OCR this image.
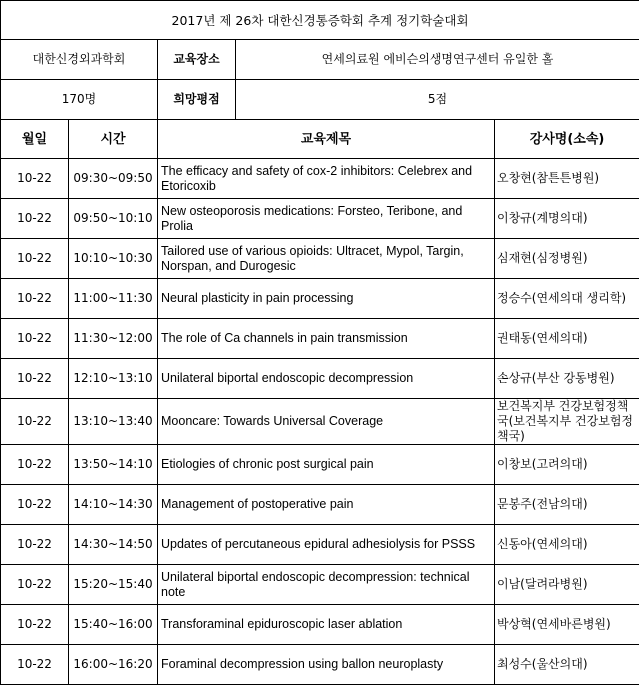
2017년 제 26차 대한신경통증학회 추계 정기학술대회				
대한신경외과학회		교육장소	연세의료원 에비슨의생명연구센터 유일한 홀	
170명		희망평점	5점	
월일	시간	교육제목		강사명(소속)
10-22	09:30~09:50	The efficacy and safety of cox-2 inhibitors: Celebrex and Etoricoxib		오창현(참튼튼병원)
10-22	09:50~10:10	New osteoporosis medications: Forsteo, Teribone, and Prolia		이창규(계명의대)
10-22	10:10~10:30	Tailored use of various opioids: Ultracet, Mypol, Targin, Norspan, and Durogesic		심재현(심정병원)
10-22	11:00~11:30	Neural plasticity in pain processing		정승수(연세의대 생리학)
10-22	11:30~12:00	The role of Ca channels in pain transmission		권태동(연세의대)
10-22	12:10~13:10	Unilateral biportal endoscopic decompression		손상규(부산 강동병원)
10-22	13:10~13:40	Mooncare: Towards Universal Coverage		보건복지부 건강보험정책국(보건복지부 건강보험정책국)
10-22	13:50~14:10	Etiologies of chronic post surgical pain		이창보(고려의대)
10-22	14:10~14:30	Management of postoperative pain		문봉주(전남의대)
10-22	14:30~14:50	Updates of percutaneous epidural adhesiolysis for PSSS		신동아(연세의대)
10-22	15:20~15:40	Unilateral biportal endoscopic decompression: technical note		이남(달려라병원)
10-22	15:40~16:00	Transforaminal epiduroscopic laser ablation		박상혁(연세바른병원)
10-22	16:00~16:20	Foraminal decompression using ballon neuroplasty		최성수(울산의대)
